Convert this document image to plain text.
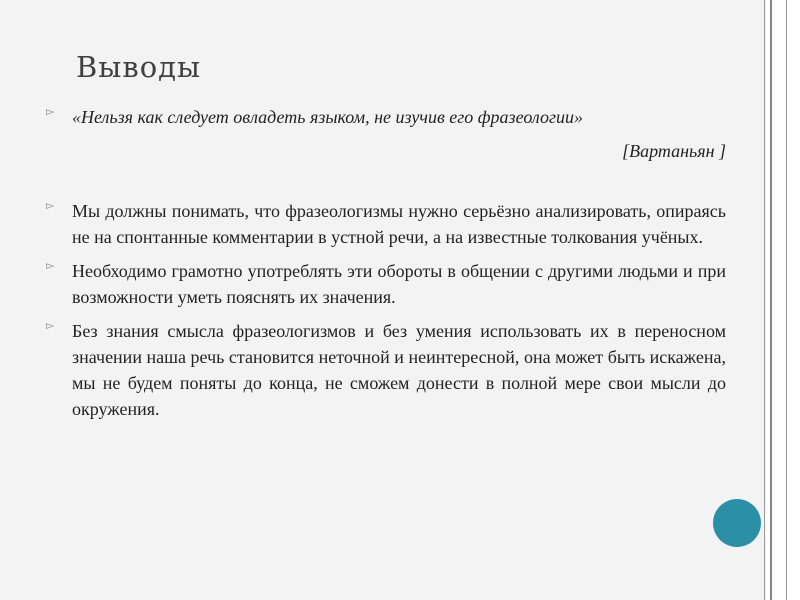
Выводы
▻ «Нельзя как следует овладеть языком, не изучив его фразеологии»
[Вартаньян ]
▻ Мы должны понимать, что фразеологизмы нужно серьёзно анализировать, опираясь не на спонтанные комментарии в устной речи, а на известные толкования учёных.
▻ Необходимо грамотно употреблять эти обороты в общении с другими людьми и при возможности уметь пояснять их значения.
▻ Без знания смысла фразеологизмов и без умения использовать их в переносном значении наша речь становится неточной и неинтересной, она может быть искажена, мы не будем поняты до конца, не сможем донести в полной мере свои мысли до окружения.
